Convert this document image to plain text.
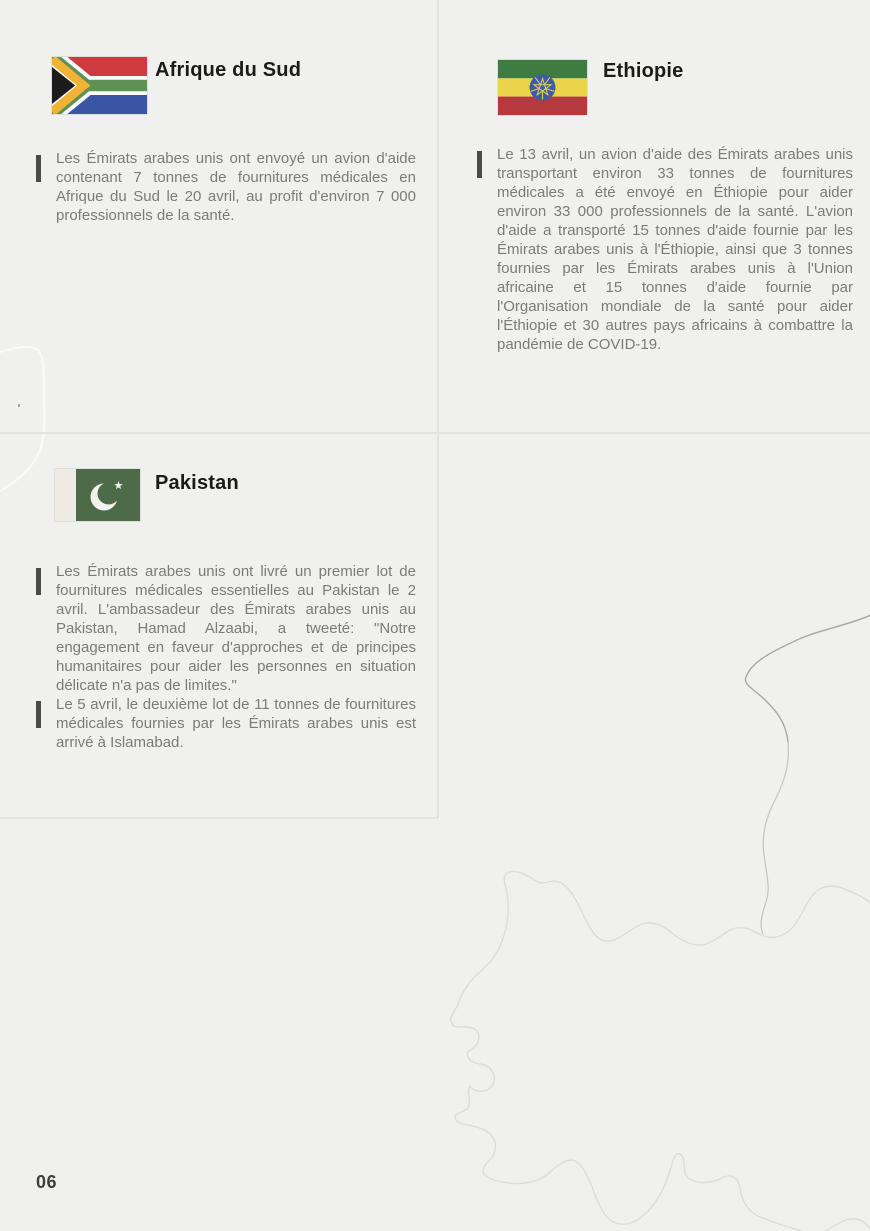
Afrique du Sud

Les Émirats arabes unis ont envoyé un avion d'aide contenant 7 tonnes de fournitures médicales en Afrique du Sud le 20 avril, au profit d'environ 7 000 professionnels de la santé.

Ethiopie

Le 13 avril, un avion d'aide des Émirats arabes unis transportant environ 33 tonnes de fournitures médicales a été envoyé en Éthiopie pour aider environ 33 000 professionnels de la santé. L'avion d'aide a transporté 15 tonnes d'aide fournie par les Émirats arabes unis à l'Éthiopie, ainsi que 3 tonnes fournies par les Émirats arabes unis à l'Union africaine et 15 tonnes d'aide fournie par l'Organisation mondiale de la santé pour aider l'Éthiopie et 30 autres pays africains à combattre la pandémie de COVID-19.

Pakistan

Les Émirats arabes unis ont livré un premier lot de fournitures médicales essentielles au Pakistan le 2 avril. L'ambassadeur des Émirats arabes unis au Pakistan, Hamad Alzaabi, a tweeté: "Notre engagement en faveur d'approches et de principes humanitaires pour aider les personnes en situation délicate n'a pas de limites."

Le 5 avril, le deuxième lot de 11 tonnes de fournitures médicales fournies par les Émirats arabes unis est arrivé à Islamabad.

06
